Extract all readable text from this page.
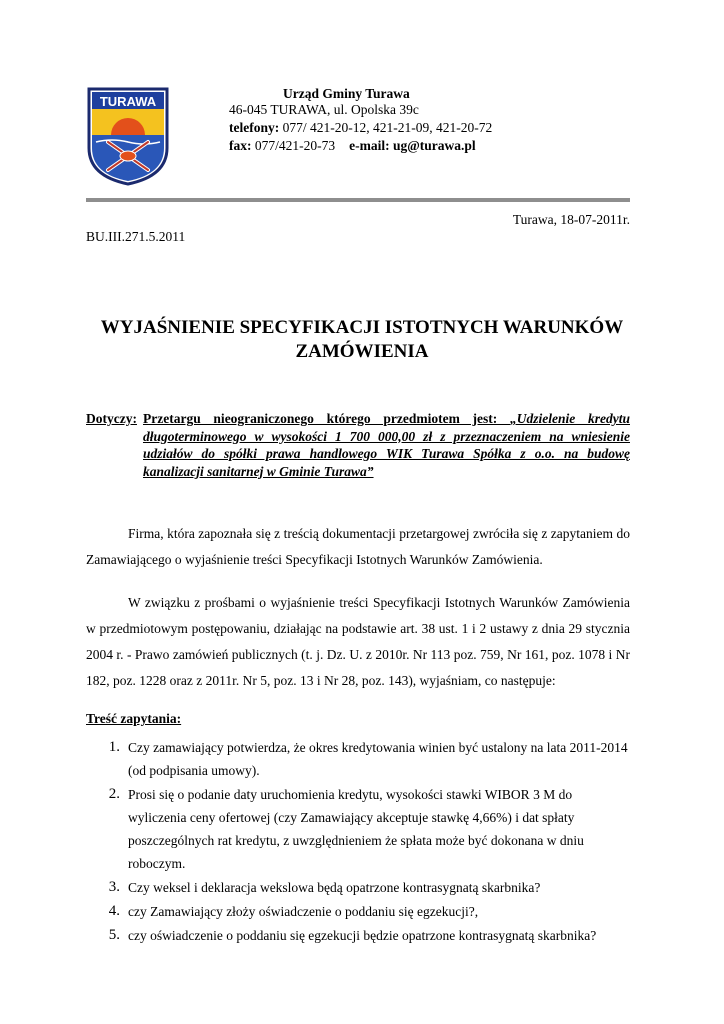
TURAWA
Urząd Gminy Turawa
46-045 TURAWA, ul. Opolska 39c
telefony: 077/ 421-20-12, 421-21-09, 421-20-72
fax: 077/421-20-73 e-mail: ug@turawa.pl
Turawa, 18-07-2011r.
BU.III.271.5.2011
WYJAŚNIENIE SPECYFIKACJI ISTOTNYCH WARUNKÓW ZAMÓWIENIA
Dotyczy: Przetargu nieograniczonego którego przedmiotem jest: „Udzielenie kredytu długoterminowego w wysokości 1 700 000,00 zł z przeznaczeniem na wniesienie udziałów do spółki prawa handlowego WIK Turawa Spółka z o.o. na budowę kanalizacji sanitarnej w Gminie Turawa”
Firma, która zapoznała się z treścią dokumentacji przetargowej zwróciła się z zapytaniem do Zamawiającego o wyjaśnienie treści Specyfikacji Istotnych Warunków Zamówienia.
W związku z prośbami o wyjaśnienie treści Specyfikacji Istotnych Warunków Zamówienia w przedmiotowym postępowaniu, działając na podstawie art. 38 ust. 1 i 2 ustawy z dnia 29 stycznia 2004 r. - Prawo zamówień publicznych (t. j. Dz. U. z 2010r. Nr 113 poz. 759, Nr 161, poz. 1078 i Nr 182, poz. 1228 oraz z 2011r. Nr 5, poz. 13 i Nr 28, poz. 143), wyjaśniam, co następuje:
Treść zapytania:
1. Czy zamawiający potwierdza, że okres kredytowania winien być ustalony na lata 2011-2014 (od podpisania umowy).
2. Prosi się o podanie daty uruchomienia kredytu, wysokości stawki WIBOR 3 M do wyliczenia ceny ofertowej (czy Zamawiający akceptuje stawkę 4,66%) i dat spłaty poszczególnych rat kredytu, z uwzględnieniem że spłata może być dokonana w dniu roboczym.
3. Czy weksel i deklaracja wekslowa będą opatrzone kontrasygnatą skarbnika?
4. czy Zamawiający złoży oświadczenie o poddaniu się egzekucji?,
5. czy oświadczenie o poddaniu się egzekucji będzie opatrzone kontrasygnatą skarbnika?
